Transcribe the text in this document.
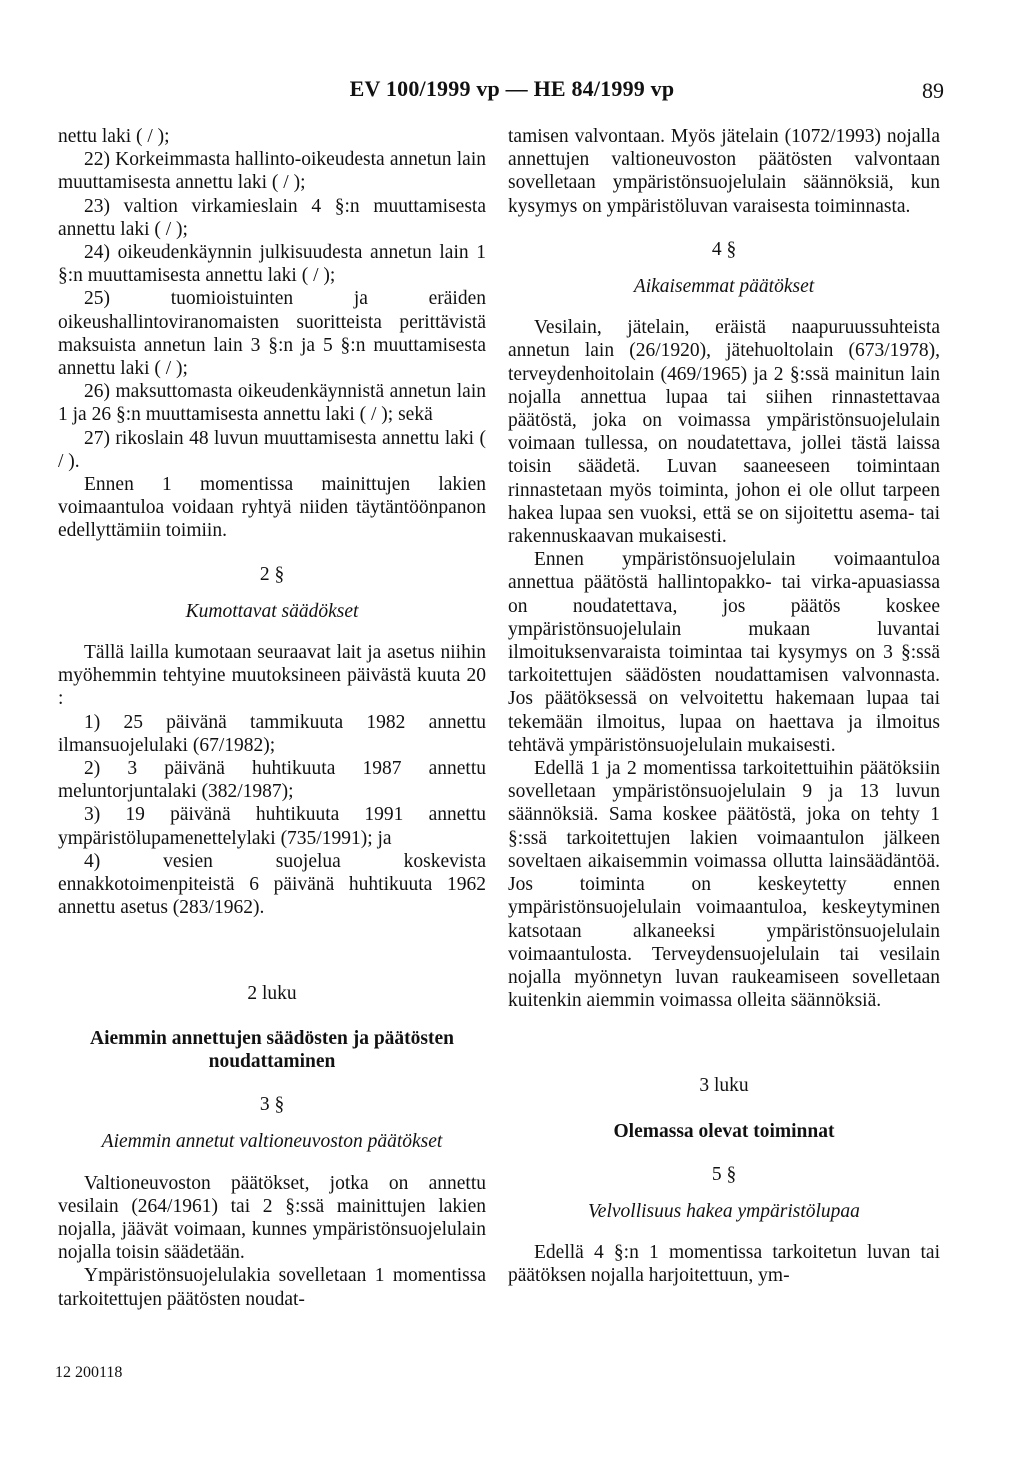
EV 100/1999 vp — HE 84/1999 vp	89

nettu laki ( / );

22) Korkeimmasta hallinto-oikeudesta annetun lain muuttamisesta annettu laki ( / );

23) valtion virkamieslain 4 §:n muuttamisesta annettu laki ( / );

24) oikeudenkäynnin julkisuudesta annetun lain 1 §:n muuttamisesta annettu laki ( / );

25) tuomioistuinten ja eräiden oikeushallintoviranomaisten suoritteista perittävistä maksuista annetun lain 3 §:n ja 5 §:n muuttamisesta annettu laki ( / );

26) maksuttomasta oikeudenkäynnistä annetun lain 1 ja 26 §:n muuttamisesta annettu laki ( / ); sekä

27) rikoslain 48 luvun muuttamisesta annettu laki ( / ).

Ennen 1 momentissa mainittujen lakien voimaantuloa voidaan ryhtyä niiden täytäntöönpanon edellyttämiin toimiin.

2 §

Kumottavat säädökset

Tällä lailla kumotaan seuraavat lait ja asetus niihin myöhemmin tehtyine muutoksineen päivästä kuuta 20 :

1) 25 päivänä tammikuuta 1982 annettu ilmansuojelulaki (67/1982);

2) 3 päivänä huhtikuuta 1987 annettu meluntorjuntalaki (382/1987);

3) 19 päivänä huhtikuuta 1991 annettu ympäristölupamenettelylaki (735/1991); ja

4) vesien suojelua koskevista ennakkotoimenpiteistä 6 päivänä huhtikuuta 1962 annettu asetus (283/1962).

2 luku

Aiemmin annettujen säädösten ja päätösten noudattaminen

3 §

Aiemmin annetut valtioneuvoston päätökset

Valtioneuvoston päätökset, jotka on annettu vesilain (264/1961) tai 2 §:ssä mainittujen lakien nojalla, jäävät voimaan, kunnes ympäristönsuojelulain nojalla toisin säädetään.

Ympäristönsuojelulakia sovelletaan 1 momentissa tarkoitettujen päätösten noudat-

tamisen valvontaan. Myös jätelain (1072/1993) nojalla annettujen valtioneuvoston päätösten valvontaan sovelletaan ympäristönsuojelulain säännöksiä, kun kysymys on ympäristöluvan varaisesta toiminnasta.

4 §

Aikaisemmat päätökset

Vesilain, jätelain, eräistä naapuruussuhteista annetun lain (26/1920), jätehuoltolain (673/1978), terveydenhoitolain (469/1965) ja 2 §:ssä mainitun lain nojalla annettua lupaa tai siihen rinnastettavaa päätöstä, joka on voimassa ympäristönsuojelulain voimaan tullessa, on noudatettava, jollei tästä laissa toisin säädetä. Luvan saaneeseen toimintaan rinnastetaan myös toiminta, johon ei ole ollut tarpeen hakea lupaa sen vuoksi, että se on sijoitettu asema- tai rakennuskaavan mukaisesti.

Ennen ympäristönsuojelulain voimaantuloa annettua päätöstä hallintopakko- tai virka-apuasiassa on noudatettava, jos päätös koskee ympäristönsuojelulain mukaan luvantai ilmoituksenvaraista toimintaa tai kysymys on 3 §:ssä tarkoitettujen säädösten noudattamisen valvonnasta. Jos päätöksessä on velvoitettu hakemaan lupaa tai tekemään ilmoitus, lupaa on haettava ja ilmoitus tehtävä ympäristönsuojelulain mukaisesti.

Edellä 1 ja 2 momentissa tarkoitettuihin päätöksiin sovelletaan ympäristönsuojelulain 9 ja 13 luvun säännöksiä. Sama koskee päätöstä, joka on tehty 1 §:ssä tarkoitettujen lakien voimaantulon jälkeen soveltaen aikaisemmin voimassa ollutta lainsäädäntöä. Jos toiminta on keskeytetty ennen ympäristönsuojelulain voimaantuloa, keskeytyminen katsotaan alkaneeksi ympäristönsuojelulain voimaantulosta. Terveydensuojelulain tai vesilain nojalla myönnetyn luvan raukeamiseen sovelletaan kuitenkin aiemmin voimassa olleita säännöksiä.

3 luku

Olemassa olevat toiminnat

5 §

Velvollisuus hakea ympäristölupaa

Edellä 4 §:n 1 momentissa tarkoitetun luvan tai päätöksen nojalla harjoitettuun, ym-

12 200118
